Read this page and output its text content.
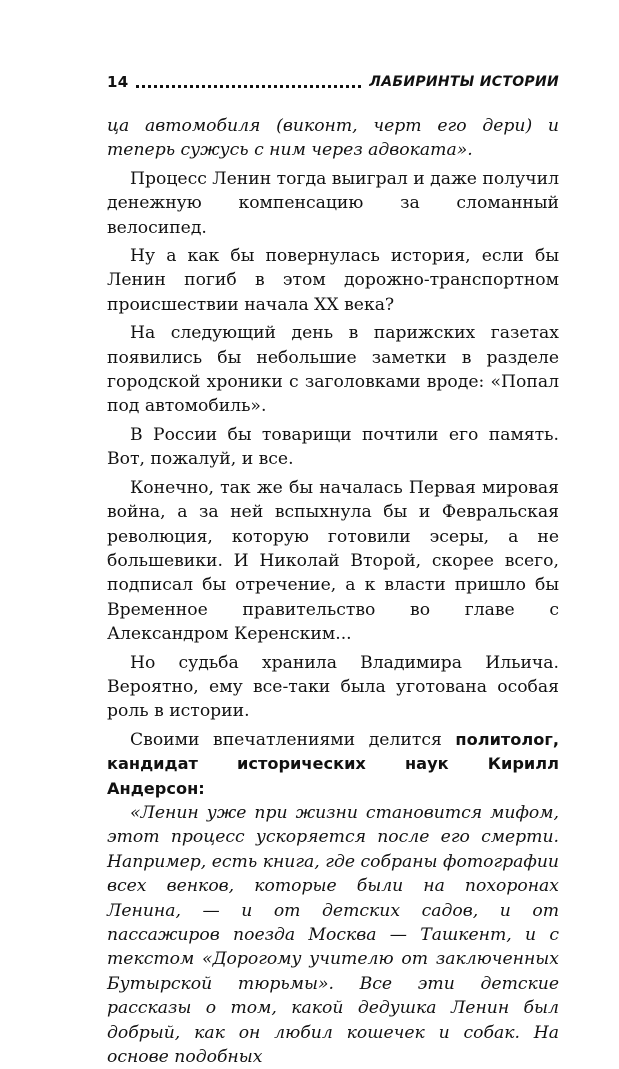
14	ЛАБИРИНТЫ ИСТОРИИ

ца автомобиля (виконт, черт его дери) и теперь сужусь с ним через адвоката».

Процесс Ленин тогда выиграл и даже получил денежную компенсацию за сломанный велосипед.

Ну а как бы повернулась история, если бы Ленин погиб в этом дорожно-транспортном происшествии начала XX века?

На следующий день в парижских газетах появились бы небольшие заметки в разделе городской хроники с заголовками вроде: «Попал под автомобиль».

В России бы товарищи почтили его память. Вот, пожалуй, и все.

Конечно, так же бы началась Первая мировая война, а за ней вспыхнула бы и Февральская революция, которую готовили эсеры, а не большевики. И Николай Второй, скорее всего, подписал бы отречение, а к власти пришло бы Временное правительство во главе с Александром Керенским...

Но судьба хранила Владимира Ильича. Вероятно, ему все-таки была уготована особая роль в истории.

Своими впечатлениями делится политолог, кандидат исторических наук Кирилл Андерсон:

«Ленин уже при жизни становится мифом, этот процесс ускоряется после его смерти. Например, есть книга, где собраны фотографии всех венков, которые были на похоронах Ленина, — и от детских садов, и от пассажиров поезда Москва — Ташкент, и с текстом «Дорогому учителю от заключенных Бутырской тюрьмы». Все эти детские рассказы о том, какой дедушка Ленин был добрый, как он любил кошечек и собак. На основе подобных
